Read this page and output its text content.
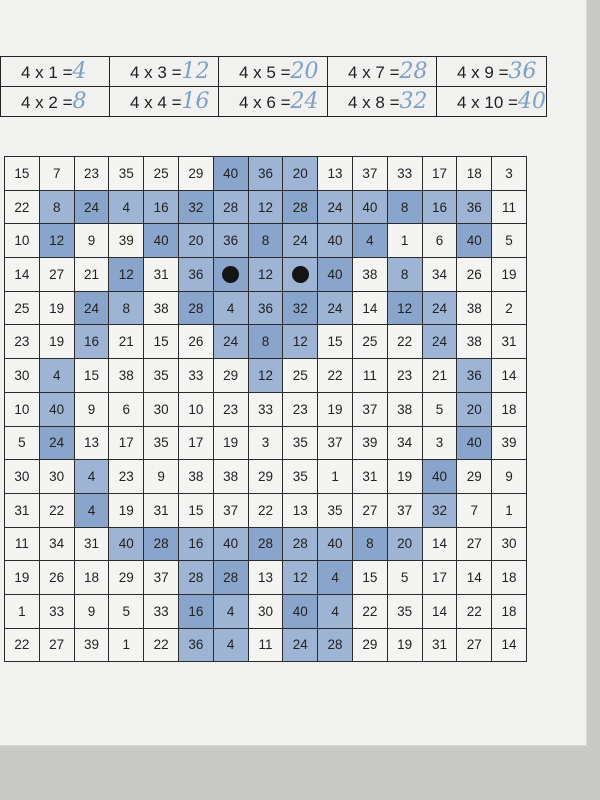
4 x 1 =4	4 x 3 =12	4 x 5 =20	4 x 7 =28	4 x 9 =36
4 x 2 =8	4 x 4 =16	4 x 6 =24	4 x 8 =32	4 x 10 =40
15	7	23	35	25	29	40	36	20	13	37	33	17	18	3
22	8	24	4	16	32	28	12	28	24	40	8	16	36	11
10	12	9	39	40	20	36	8	24	40	4	1	6	40	5
14	27	21	12	31	36		12		40	38	8	34	26	19
25	19	24	8	38	28	4	36	32	24	14	12	24	38	2
23	19	16	21	15	26	24	8	12	15	25	22	24	38	31
30	4	15	38	35	33	29	12	25	22	11	23	21	36	14
10	40	9	6	30	10	23	33	23	19	37	38	5	20	18
5	24	13	17	35	17	19	3	35	37	39	34	3	40	39
30	30	4	23	9	38	38	29	35	1	31	19	40	29	9
31	22	4	19	31	15	37	22	13	35	27	37	32	7	1
11	34	31	40	28	16	40	28	28	40	8	20	14	27	30
19	26	18	29	37	28	28	13	12	4	15	5	17	14	18
1	33	9	5	33	16	4	30	40	4	22	35	14	22	18
22	27	39	1	22	36	4	11	24	28	29	19	31	27	14
